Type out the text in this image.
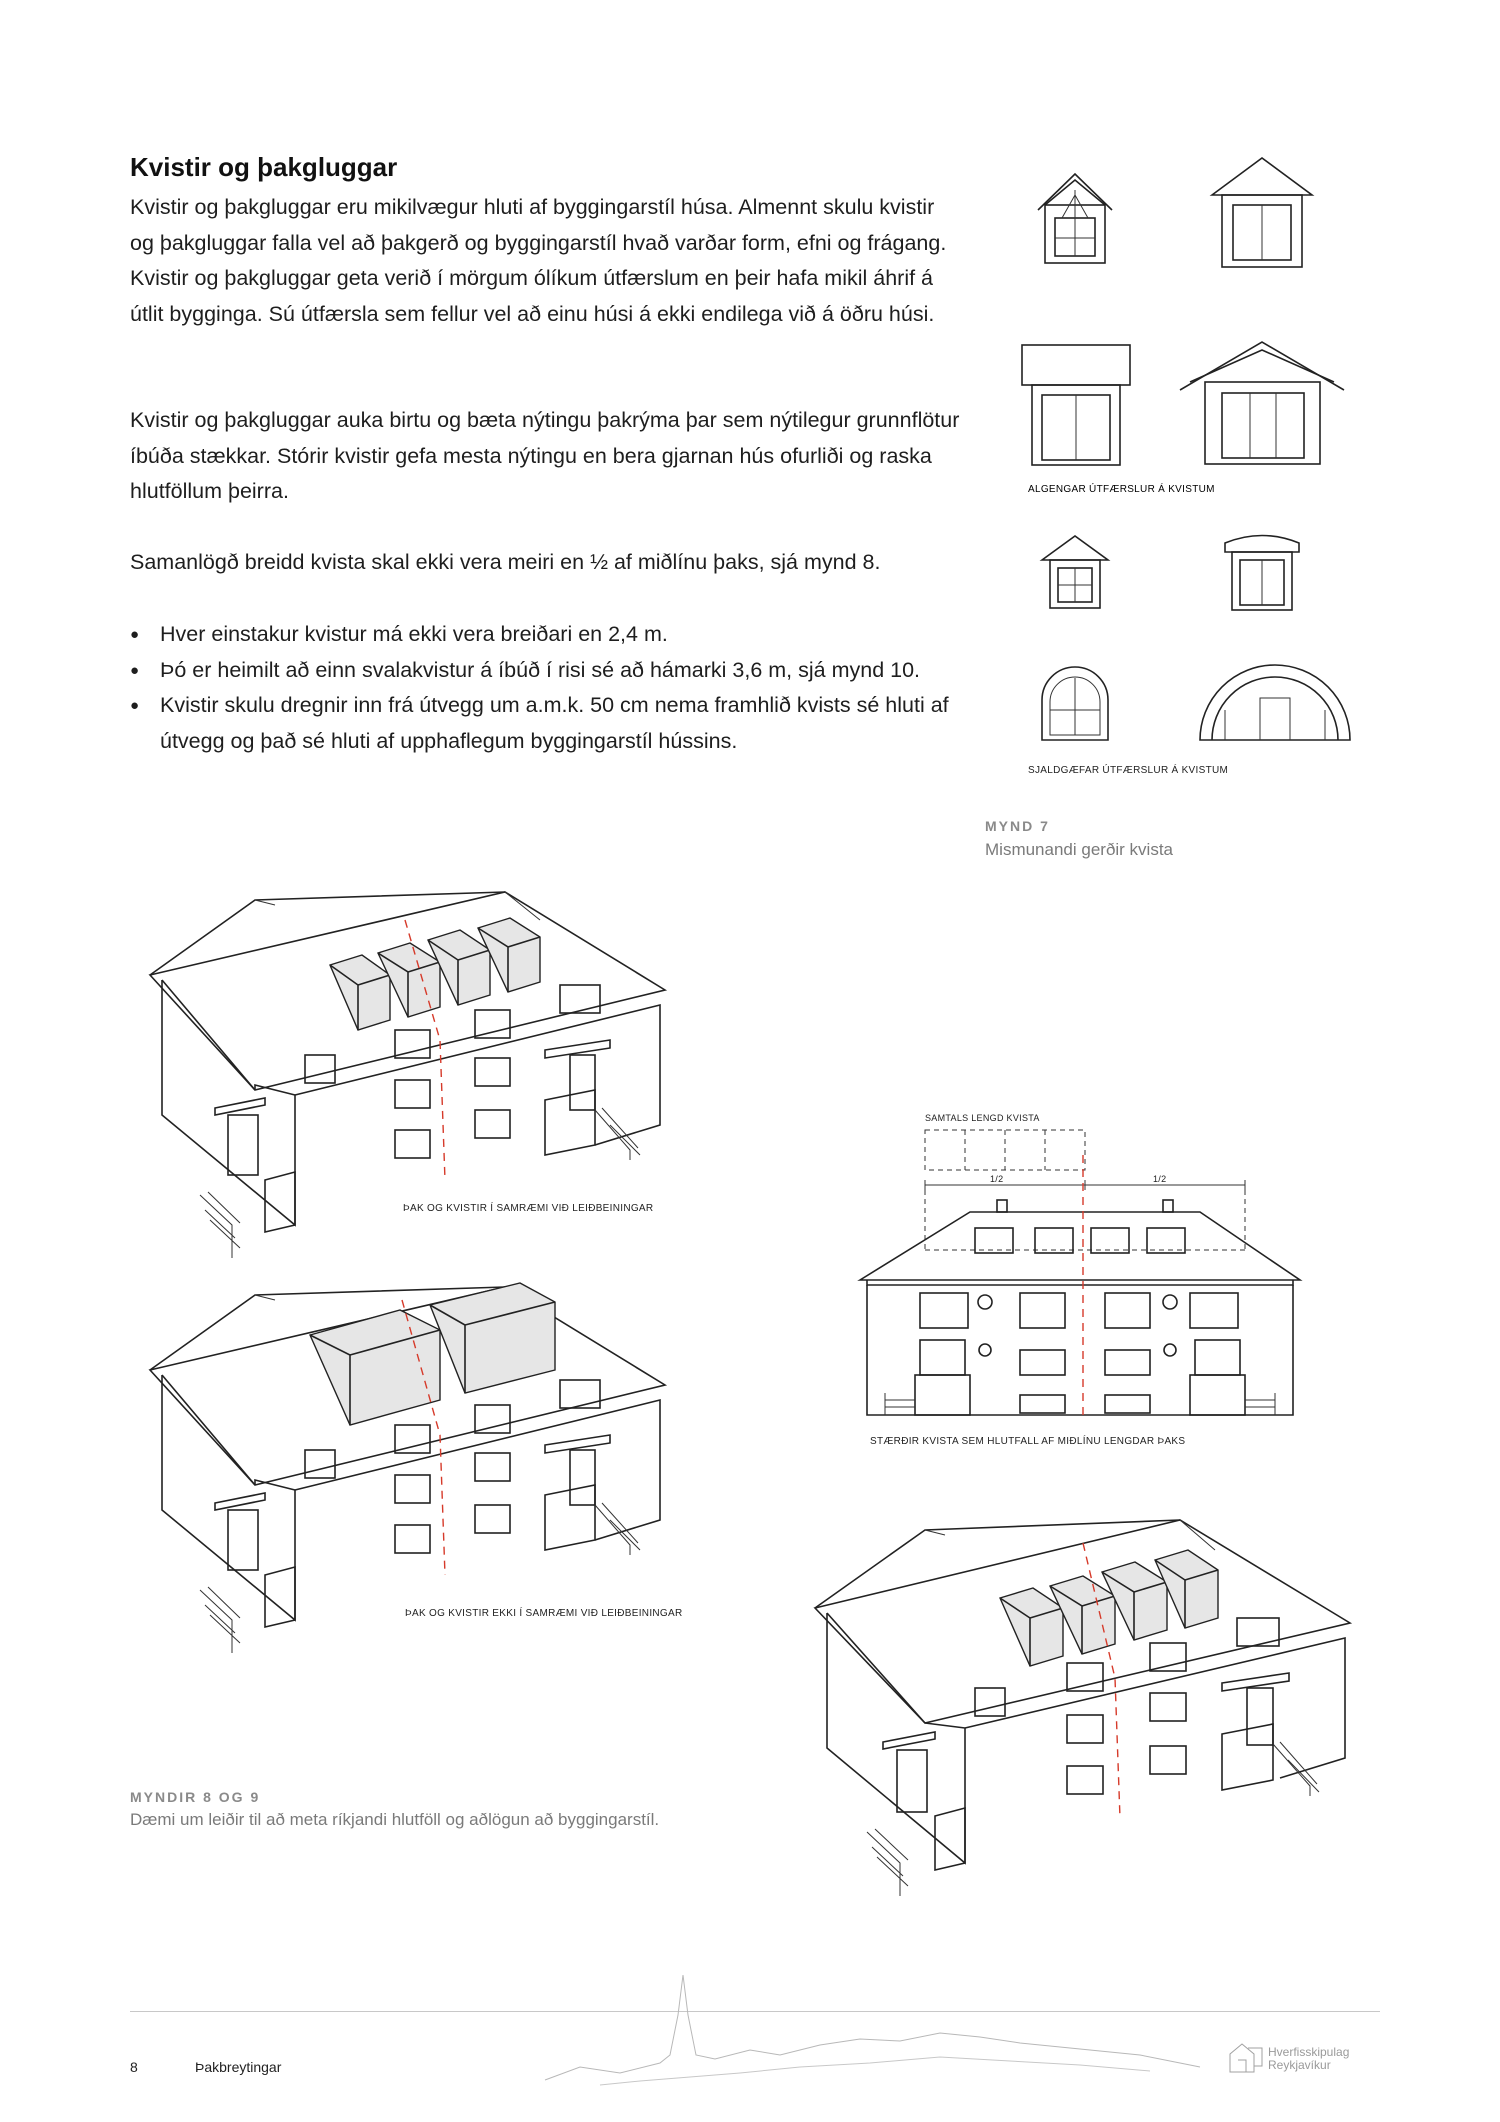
Kvistir og þakgluggar
Kvistir og þakgluggar eru mikilvægur hluti af byggingarstíl húsa. Almennt skulu kvistir og þakgluggar falla vel að þakgerð og byggingarstíl hvað varðar form, efni og frágang. Kvistir og þakgluggar geta verið í mörgum ólíkum útfærslum en þeir hafa mikil áhrif á útlit bygginga. Sú útfærsla sem fellur vel að einu húsi á ekki endilega við á öðru húsi.
Kvistir og þakgluggar auka birtu og bæta nýtingu þakrýma þar sem nýtilegur grunnflötur íbúða stækkar. Stórir kvistir gefa mesta nýtingu en bera gjarnan hús ofurliði og raska hlutföllum þeirra.
Samanlögð breidd kvista skal ekki vera meiri en ½ af miðlínu þaks, sjá mynd 8.
● Hver einstakur kvistur má ekki vera breiðari en 2,4 m.
● Þó er heimilt að einn svalakvistur á íbúð í risi sé að hámarki 3,6 m, sjá mynd 10.
● Kvistir skulu dregnir inn frá útvegg um a.m.k. 50 cm nema framhlið kvists sé hluti af útvegg og það sé hluti af upphaflegum byggingarstíl hússins.
ALGENGAR ÚTFÆRSLUR Á KVISTUM
SJALDGÆFAR ÚTFÆRSLUR Á KVISTUM
MYND 7
Mismunandi gerðir kvista
ÞAK OG KVISTIR Í SAMRÆMI VIÐ LEIÐBEININGAR
ÞAK OG KVISTIR EKKI Í SAMRÆMI VIÐ LEIÐBEININGAR
SAMTALS LENGD KVISTA
1/2	1/2
STÆRÐIR KVISTA SEM HLUTFALL AF MIÐLÍNU LENGDAR ÞAKS
MYNDIR 8 OG 9
Dæmi um leiðir til að meta ríkjandi hlutföll og aðlögun að byggingarstíl.
8	Þakbreytingar
Hverfisskipulag
Reykjavíkur
